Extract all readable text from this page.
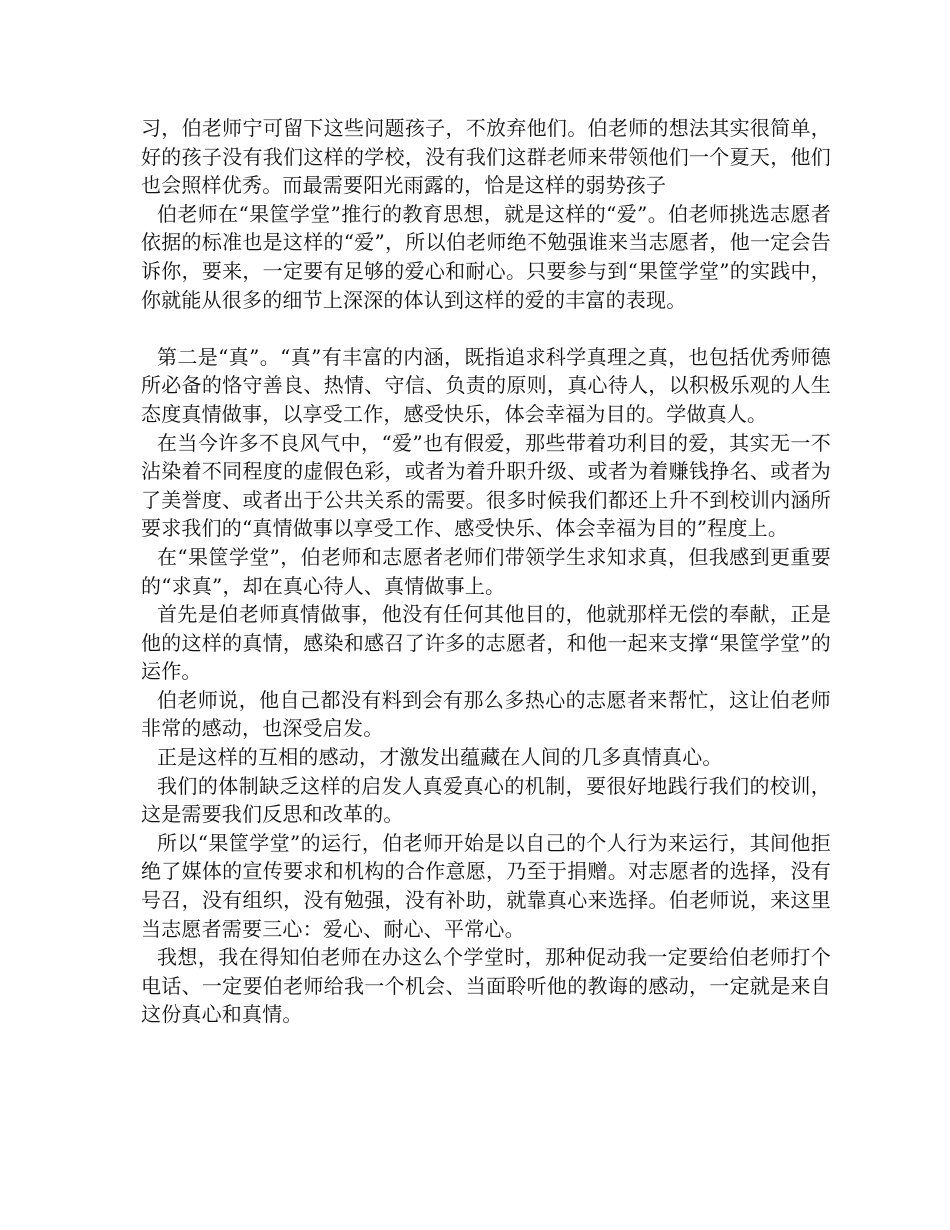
习，伯老师宁可留下这些问题孩子，不放弃他们。伯老师的想法其实很简单，好的孩子没有我们这样的学校，没有我们这群老师来带领他们一个夏天，他们也会照样优秀。而最需要阳光雨露的，恰是这样的弱势孩子

伯老师在“果筐学堂”推行的教育思想，就是这样的“爱”。伯老师挑选志愿者依据的标准也是这样的“爱”，所以伯老师绝不勉强谁来当志愿者，他一定会告诉你，要来，一定要有足够的爱心和耐心。只要参与到“果筐学堂”的实践中，你就能从很多的细节上深深的体认到这样的爱的丰富的表现。

第二是“真”。“真”有丰富的内涵，既指追求科学真理之真，也包括优秀师德所必备的恪守善良、热情、守信、负责的原则，真心待人，以积极乐观的人生态度真情做事，以享受工作，感受快乐，体会幸福为目的。学做真人。

在当今许多不良风气中，“爱”也有假爱，那些带着功利目的爱，其实无一不沾染着不同程度的虚假色彩，或者为着升职升级、或者为着赚钱挣名、或者为了美誉度、或者出于公共关系的需要。很多时候我们都还上升不到校训内涵所要求我们的“真情做事以享受工作、感受快乐、体会幸福为目的”程度上。

在“果筐学堂”，伯老师和志愿者老师们带领学生求知求真，但我感到更重要的“求真”，却在真心待人、真情做事上。

首先是伯老师真情做事，他没有任何其他目的，他就那样无偿的奉献，正是他的这样的真情，感染和感召了许多的志愿者，和他一起来支撑“果筐学堂”的运作。

伯老师说，他自己都没有料到会有那么多热心的志愿者来帮忙，这让伯老师非常的感动，也深受启发。

正是这样的互相的感动，才激发出蕴藏在人间的几多真情真心。

我们的体制缺乏这样的启发人真爱真心的机制，要很好地践行我们的校训，这是需要我们反思和改革的。

所以“果筐学堂”的运行，伯老师开始是以自己的个人行为来运行，其间他拒绝了媒体的宣传要求和机构的合作意愿，乃至于捐赠。对志愿者的选择，没有号召，没有组织，没有勉强，没有补助，就靠真心来选择。伯老师说，来这里当志愿者需要三心：爱心、耐心、平常心。

我想，我在得知伯老师在办这么个学堂时，那种促动我一定要给伯老师打个电话、一定要伯老师给我一个机会、当面聆听他的教诲的感动，一定就是来自这份真心和真情。
